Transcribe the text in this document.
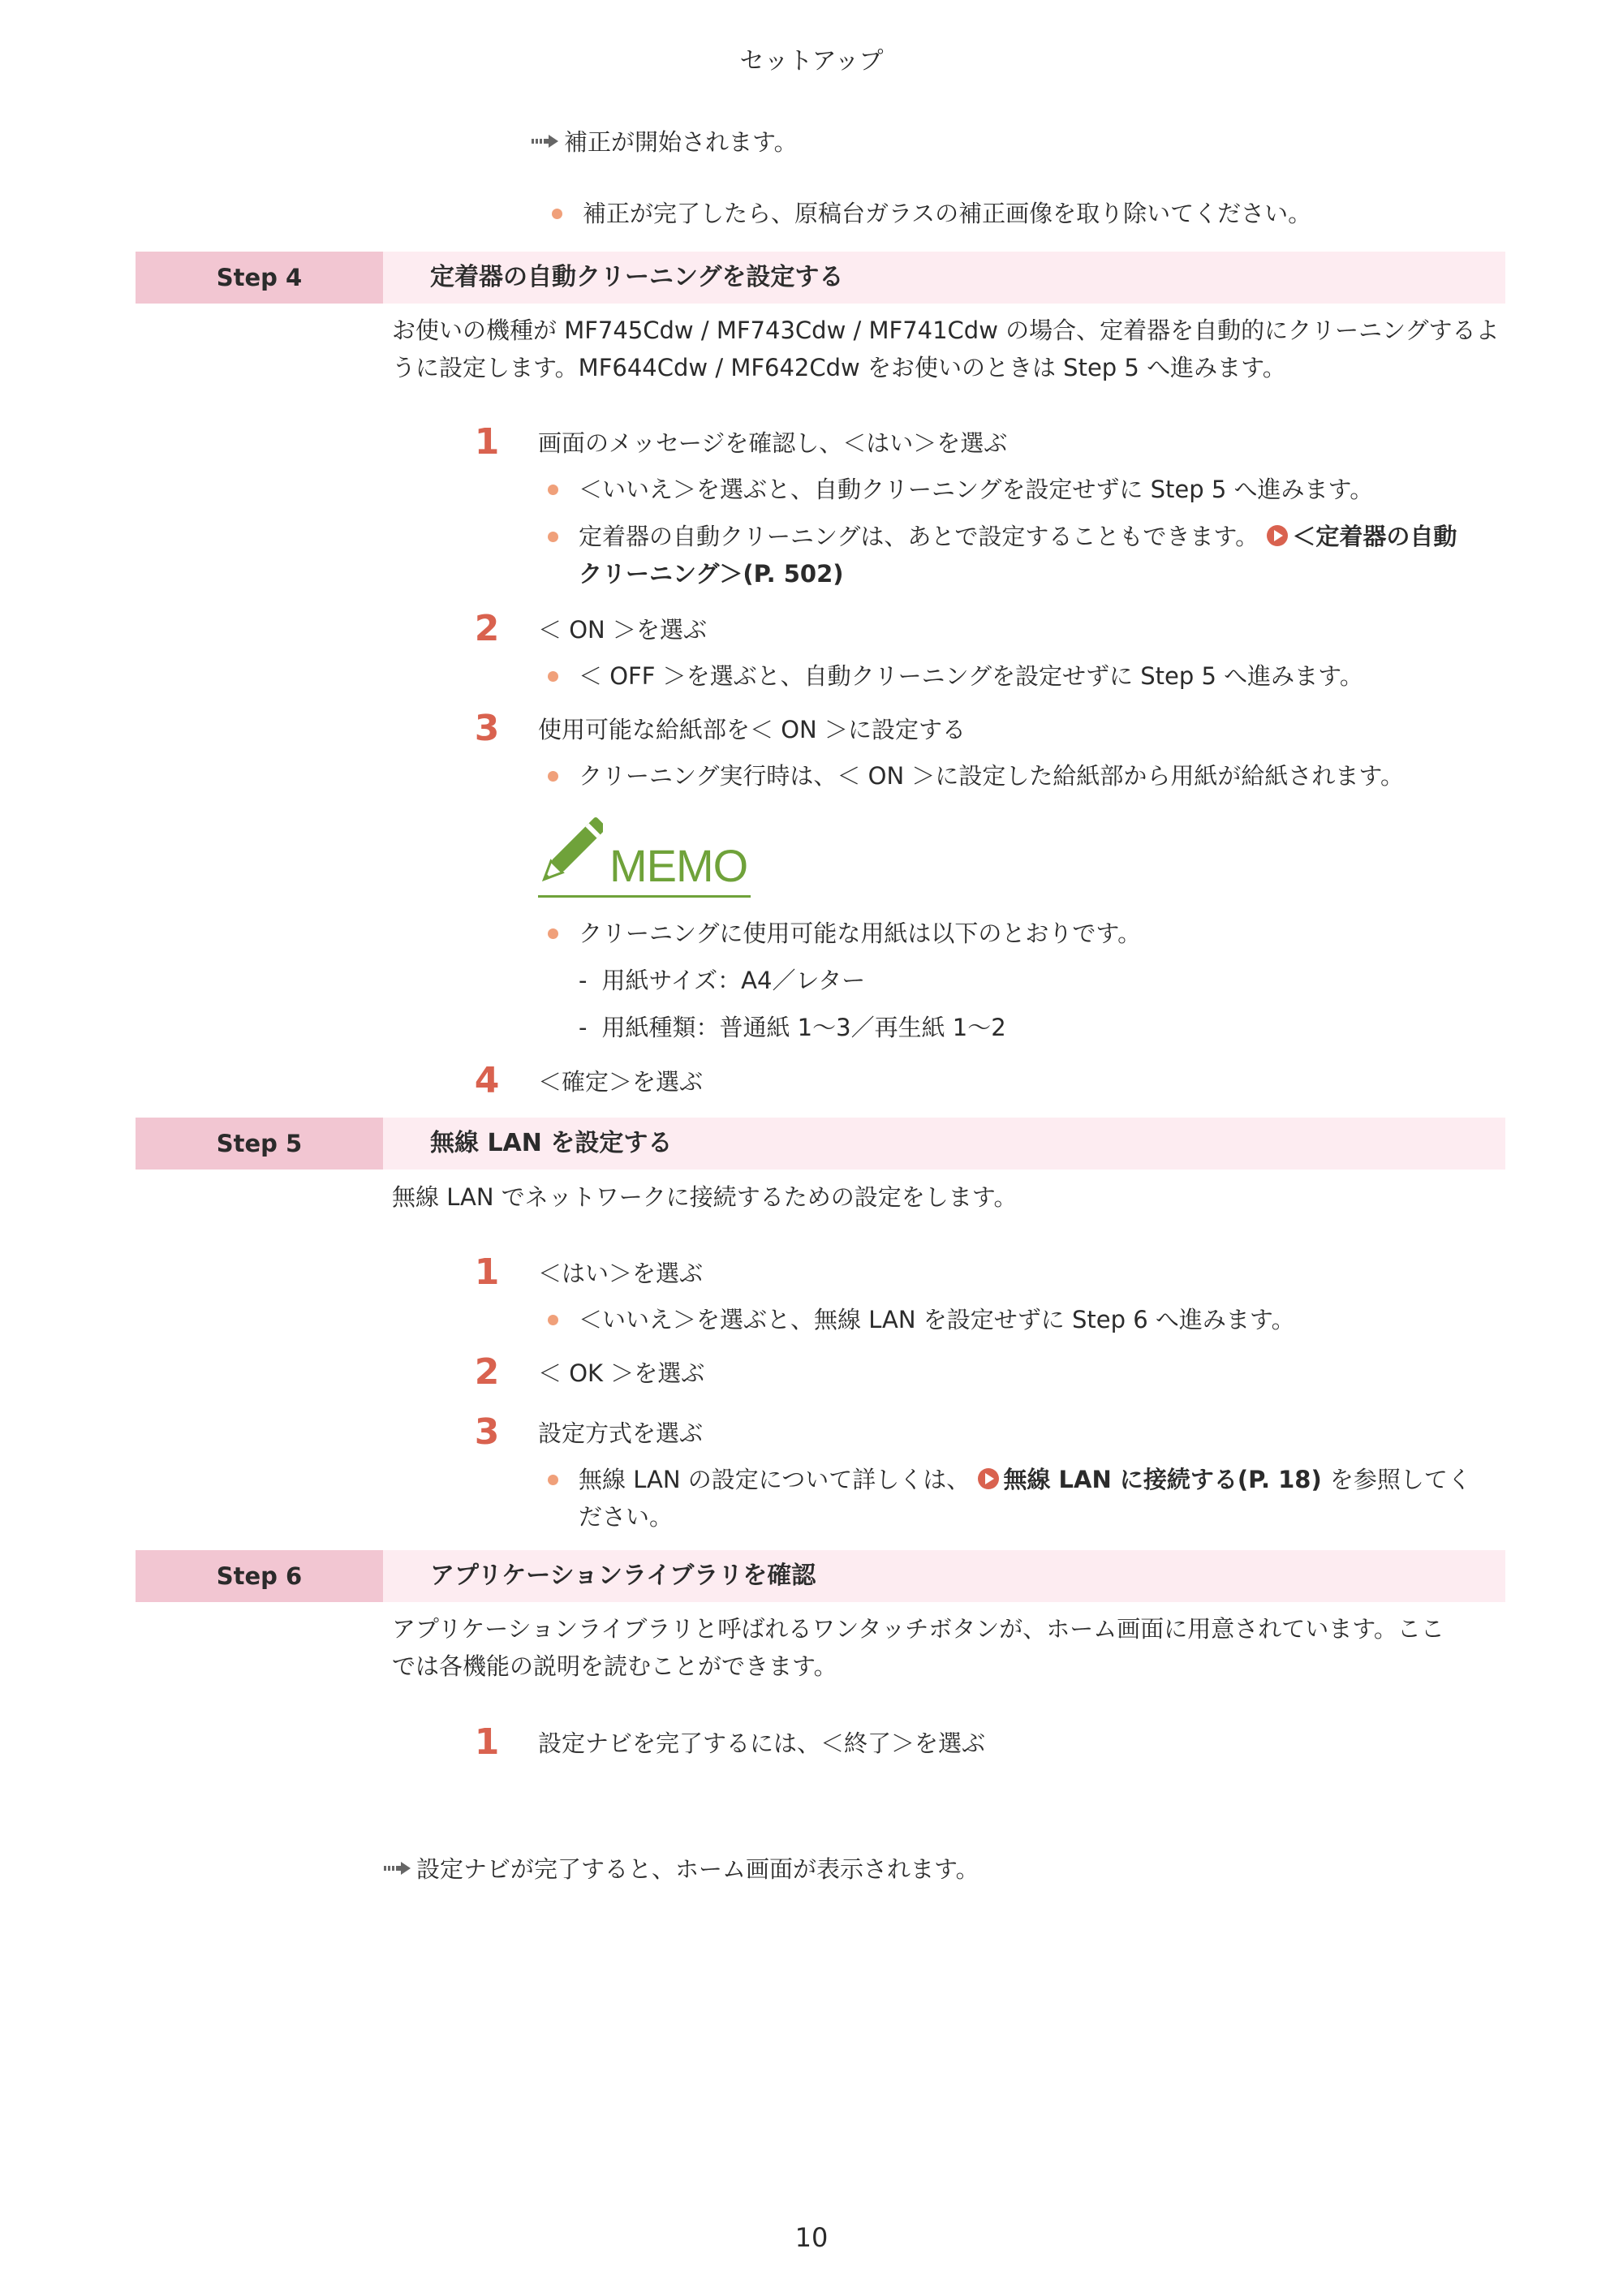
セットアップ
補正が開始されます。
補正が完了したら、原稿台ガラスの補正画像を取り除いてください。
Step 4	定着器の自動クリーニングを設定する
お使いの機種が MF745Cdw / MF743Cdw / MF741Cdw の場合、定着器を自動的にクリーニングするよ
うに設定します。MF644Cdw / MF642Cdw をお使いのときは Step 5 へ進みます。
1 画面のメッセージを確認し、＜はい＞を選ぶ
＜いいえ＞を選ぶと、自動クリーニングを設定せずに Step 5 へ進みます。
定着器の自動クリーニングは、あとで設定することもできます。 ＜定着器の自動
クリーニング＞(P. 502)
2 ＜ ON ＞を選ぶ
＜ OFF ＞を選ぶと、自動クリーニングを設定せずに Step 5 へ進みます。
3 使用可能な給紙部を＜ ON ＞に設定する
クリーニング実行時は、＜ ON ＞に設定した給紙部から用紙が給紙されます。
MEMO
クリーニングに使用可能な用紙は以下のとおりです。
- 用紙サイズ：A4／レター
- 用紙種類：普通紙 1～3／再生紙 1～2
4 ＜確定＞を選ぶ
Step 5	無線 LAN を設定する
無線 LAN でネットワークに接続するための設定をします。
1 ＜はい＞を選ぶ
＜いいえ＞を選ぶと、無線 LAN を設定せずに Step 6 へ進みます。
2 ＜ OK ＞を選ぶ
3 設定方式を選ぶ
無線 LAN の設定について詳しくは、 無線 LAN に接続する(P. 18) を参照してく
ださい。
Step 6	アプリケーションライブラリを確認
アプリケーションライブラリと呼ばれるワンタッチボタンが、ホーム画面に用意されています。ここ
では各機能の説明を読むことができます。
1 設定ナビを完了するには、＜終了＞を選ぶ
設定ナビが完了すると、ホーム画面が表示されます。
10
